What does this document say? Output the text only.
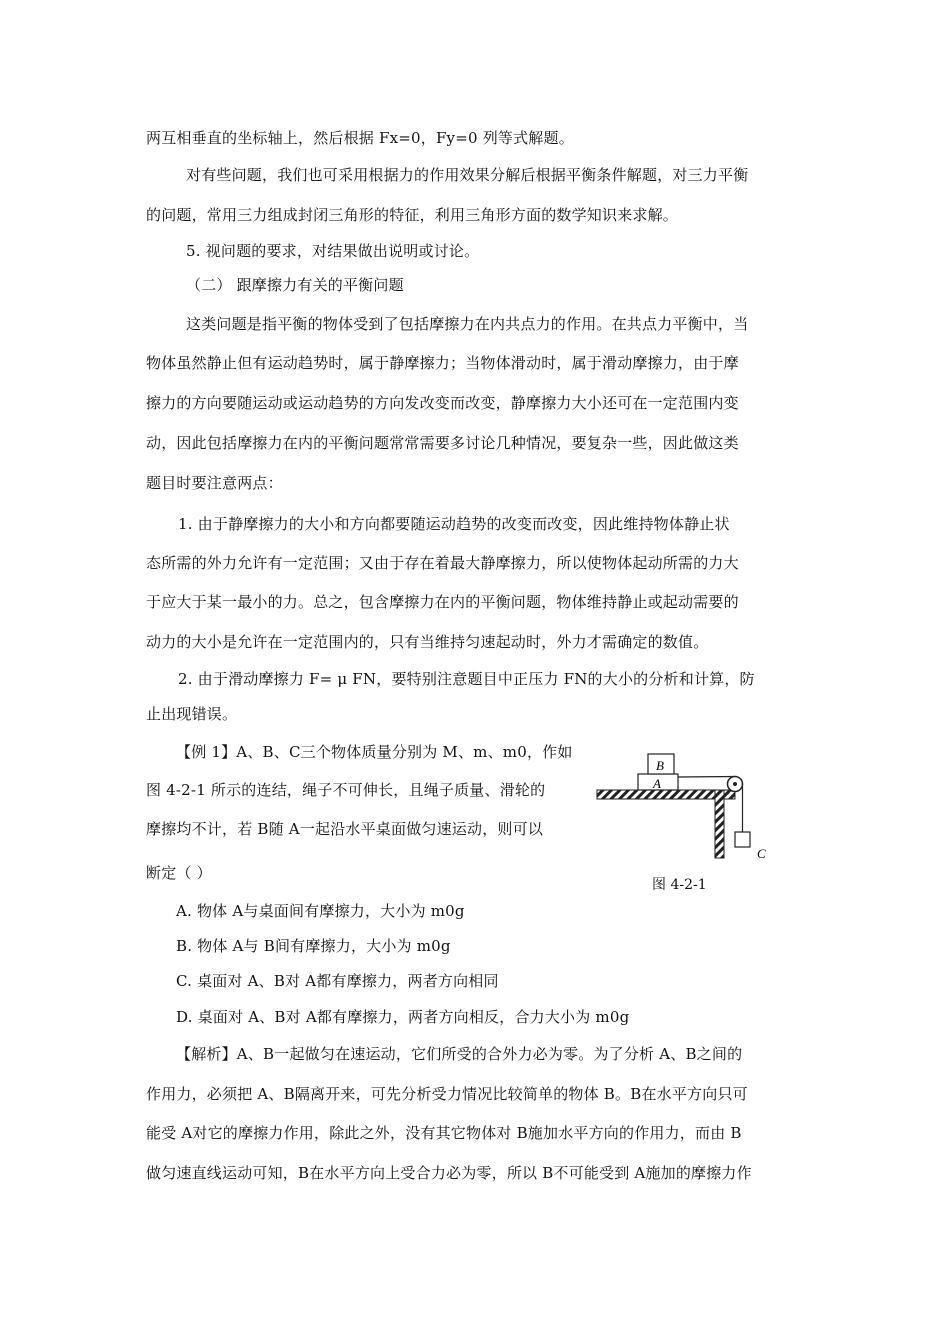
两互相垂直的坐标轴上，然后根据 Fx=0，Fy=0 列等式解题。
对有些问题，我们也可采用根据力的作用效果分解后根据平衡条件解题，对三力平衡
的问题，常用三力组成封闭三角形的特征，利用三角形方面的数学知识来求解。
5. 视问题的要求，对结果做出说明或讨论。
（二） 跟摩擦力有关的平衡问题
这类问题是指平衡的物体受到了包括摩擦力在内共点力的作用。在共点力平衡中，当
物体虽然静止但有运动趋势时，属于静摩擦力；当物体滑动时，属于滑动摩擦力，由于摩
擦力的方向要随运动或运动趋势的方向发改变而改变，静摩擦力大小还可在一定范围内变
动，因此包括摩擦力在内的平衡问题常常需要多讨论几种情况，要复杂一些，因此做这类
题目时要注意两点：
1. 由于静摩擦力的大小和方向都要随运动趋势的改变而改变，因此维持物体静止状
态所需的外力允许有一定范围；又由于存在着最大静摩擦力，所以使物体起动所需的力大
于应大于某一最小的力。总之，包含摩擦力在内的平衡问题，物体维持静止或起动需要的
动力的大小是允许在一定范围内的，只有当维持匀速起动时，外力才需确定的数值。
2. 由于滑动摩擦力 F= μ FN，要特别注意题目中正压力 FN的大小的分析和计算，防
止出现错误。
【例 1】A、B、C三个物体质量分别为 M、m、m0，作如
图 4-2-1 所示的连结，绳子不可伸长，且绳子质量、滑轮的
摩擦均不计，若 B随 A一起沿水平桌面做匀速运动，则可以
断定（ ）
A. 物体 A与桌面间有摩擦力，大小为 m0g
B. 物体 A与 B间有摩擦力，大小为 m0g
C. 桌面对 A、B对 A都有摩擦力，两者方向相同
D. 桌面对 A、B对 A都有摩擦力，两者方向相反，合力大小为 m0g
【解析】A、B一起做匀在速运动，它们所受的合外力必为零。为了分析 A、B之间的
作用力，必须把 A、B隔离开来，可先分析受力情况比较简单的物体 B。B在水平方向只可
能受 A对它的摩擦力作用，除此之外，没有其它物体对 B施加水平方向的作用力，而由 B
做匀速直线运动可知，B在水平方向上受合力必为零，所以 B不可能受到 A施加的摩擦力作
B
A
C
图 4-2-1
